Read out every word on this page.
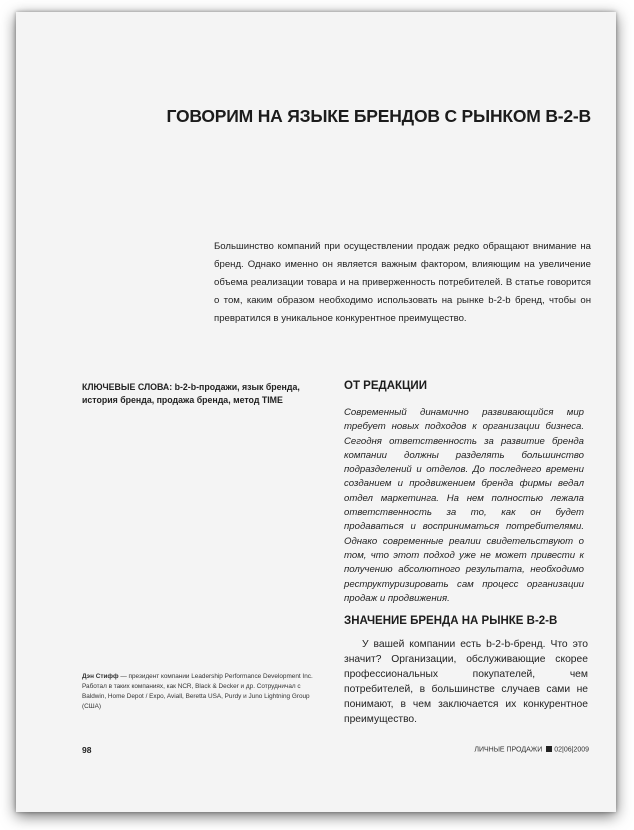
ГОВОРИМ НА ЯЗЫКЕ БРЕНДОВ С РЫНКОМ B-2-B

Большинство компаний при осуществлении продаж редко обращают внимание на бренд. Однако именно он является важным фактором, влияющим на увеличение объема реализации товара и на приверженность потребителей. В статье говорится о том, каким образом необходимо использовать на рынке b-2-b бренд, чтобы он превратился в уникальное конкурентное преимущество.

КЛЮЧЕВЫЕ СЛОВА: b-2-b-продажи, язык бренда, история бренда, продажа бренда, метод TIME

ОТ РЕДАКЦИИ

Современный динамично развивающийся мир требует новых подходов к организации бизнеса. Сегодня ответственность за развитие бренда компании должны разделять большинство подразделений и отделов. До последнего времени созданием и продвижением бренда фирмы ведал отдел маркетинга. На нем полностью лежала ответственность за то, как он будет продаваться и восприниматься потребителями. Однако современные реалии свидетельствуют о том, что этот подход уже не может привести к получению абсолютного результата, необходимо реструктуризировать сам процесс организации продаж и продвижения.

ЗНАЧЕНИЕ БРЕНДА НА РЫНКЕ B-2-B

У вашей компании есть b-2-b-бренд. Что это значит? Организации, обслуживающие скорее профессиональных покупателей, чем потребителей, в большинстве случаев сами не понимают, в чем заключается их конкурентное преимущество.

Дэн Стифф — президент компании Leadership Performance Development Inc. Работал в таких компаниях, как NCR, Black & Decker и др. Сотрудничал с Baldwin, Home Depot / Expo, Aviall, Beretta USA, Purdy и Juno Lightning Group (США)

98	ЛИЧНЫЕ ПРОДАЖИ 02|06|2009
